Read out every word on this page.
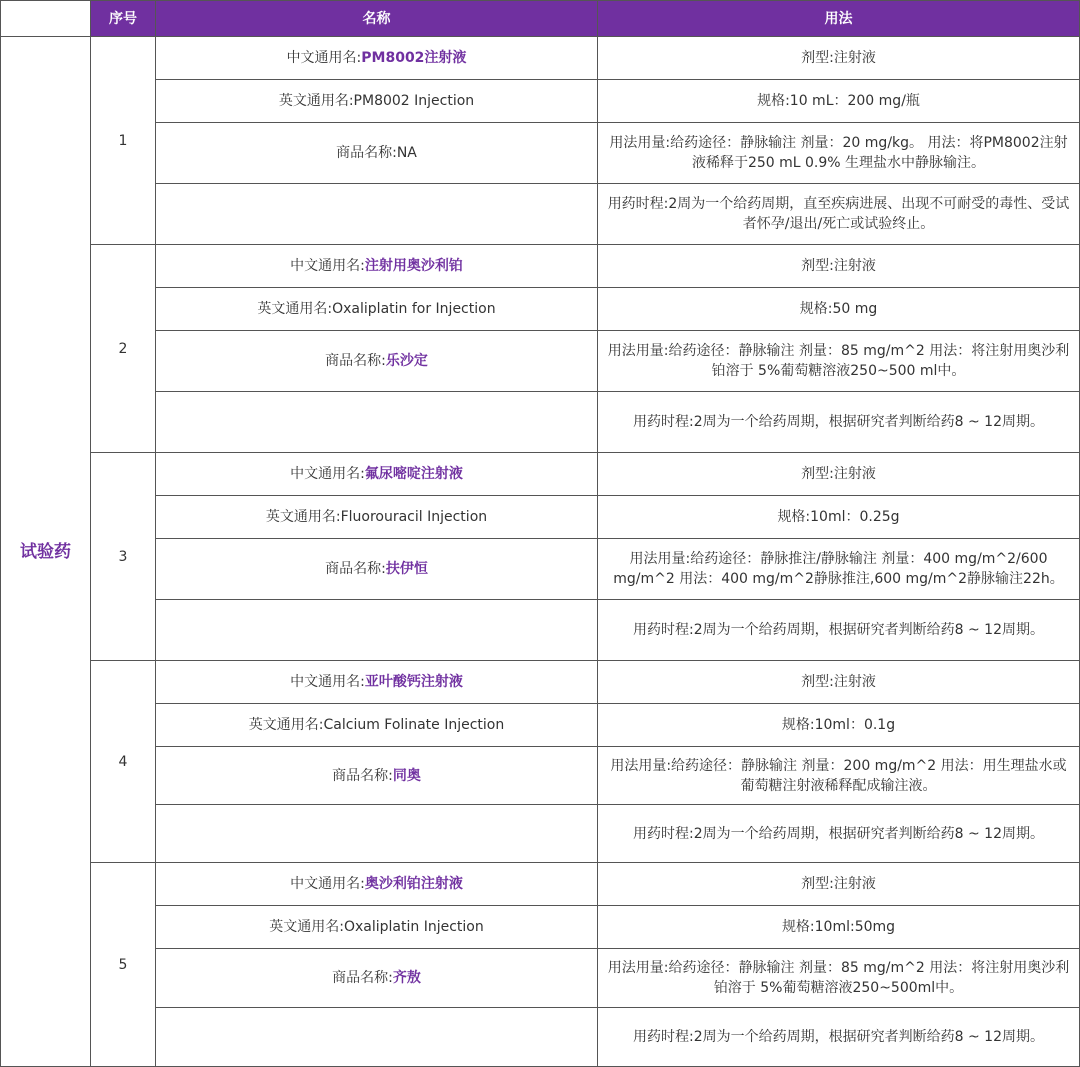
	序号	名称	用法
试验药	1	中文通用名:PM8002注射液	剂型:注射液
		英文通用名:PM8002 Injection	规格:10 mL：200 mg/瓶
		商品名称:NA	用法用量:给药途径：静脉输注 剂量：20 mg/kg。 用法：将PM8002注射液稀释于250 mL 0.9% 生理盐水中静脉输注。
			用药时程:2周为一个给药周期，直至疾病进展、出现不可耐受的毒性、受试者怀孕/退出/死亡或试验终止。
	2	中文通用名:注射用奥沙利铂	剂型:注射液
		英文通用名:Oxaliplatin for Injection	规格:50 mg
		商品名称:乐沙定	用法用量:给药途径：静脉输注 剂量：85 mg/m^2 用法：将注射用奥沙利铂溶于 5%葡萄糖溶液250~500 ml中。
			用药时程:2周为一个给药周期，根据研究者判断给药8 ~ 12周期。
	3	中文通用名:氟尿嘧啶注射液	剂型:注射液
		英文通用名:Fluorouracil Injection	规格:10ml：0.25g
		商品名称:扶伊恒	用法用量:给药途径：静脉推注/静脉输注 剂量：400 mg/m^2/600 mg/m^2 用法：400 mg/m^2静脉推注,600 mg/m^2静脉输注22h。
			用药时程:2周为一个给药周期，根据研究者判断给药8 ~ 12周期。
	4	中文通用名:亚叶酸钙注射液	剂型:注射液
		英文通用名:Calcium Folinate Injection	规格:10ml：0.1g
		商品名称:同奥	用法用量:给药途径：静脉输注 剂量：200 mg/m^2 用法：用生理盐水或葡萄糖注射液稀释配成输注液。
			用药时程:2周为一个给药周期，根据研究者判断给药8 ~ 12周期。
	5	中文通用名:奥沙利铂注射液	剂型:注射液
		英文通用名:Oxaliplatin Injection	规格:10ml:50mg
		商品名称:齐敖	用法用量:给药途径：静脉输注 剂量：85 mg/m^2 用法：将注射用奥沙利铂溶于 5%葡萄糖溶液250~500ml中。
			用药时程:2周为一个给药周期，根据研究者判断给药8 ~ 12周期。
